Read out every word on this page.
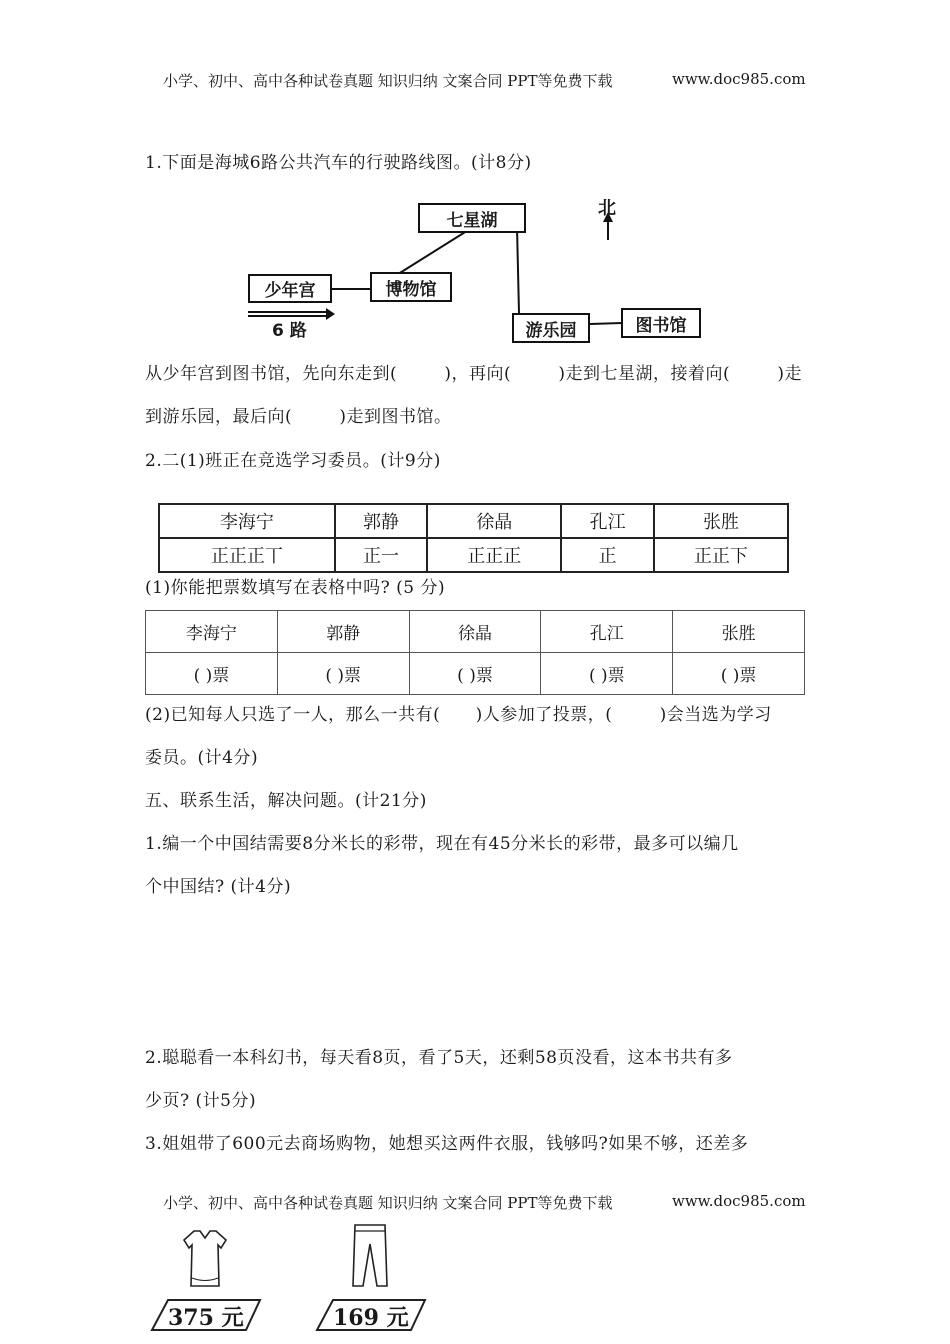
小学、初中、高中各种试卷真题 知识归纳 文案合同 PPT等免费下载	www.doc985.com
1.下面是海城6路公共汽车的行驶路线图。(计8分)
七星湖
少年宫	博物馆
游乐园	图书馆
北
6 路
从少年宫到图书馆，先向东走到(        )，再向(        )走到七星湖，接着向(        )走
到游乐园，最后向(        )走到图书馆。
2.二(1)班正在竞选学习委员。(计9分)
李海宁	郭静	徐晶	孔江	张胜
正正正丅	正一	正正正	正	正正下
(1)你能把票数填写在表格中吗? (5 分)
李海宁	郭静	徐晶	孔江	张胜
( )票	( )票	( )票	( )票	( )票
(2)已知每人只选了一人，那么一共有(      )人参加了投票，(        )会当选为学习
委员。(计4分)
五、联系生活，解决问题。(计21分)
1.编一个中国结需要8分米长的彩带，现在有45分米长的彩带，最多可以编几
个中国结? (计4分)
2.聪聪看一本科幻书，每天看8页，看了5天，还剩58页没看，这本书共有多
少页? (计5分)
3.姐姐带了600元去商场购物，她想买这两件衣服，钱够吗?如果不够，还差多
小学、初中、高中各种试卷真题 知识归纳 文案合同 PPT等免费下载	www.doc985.com
375 元	169 元
